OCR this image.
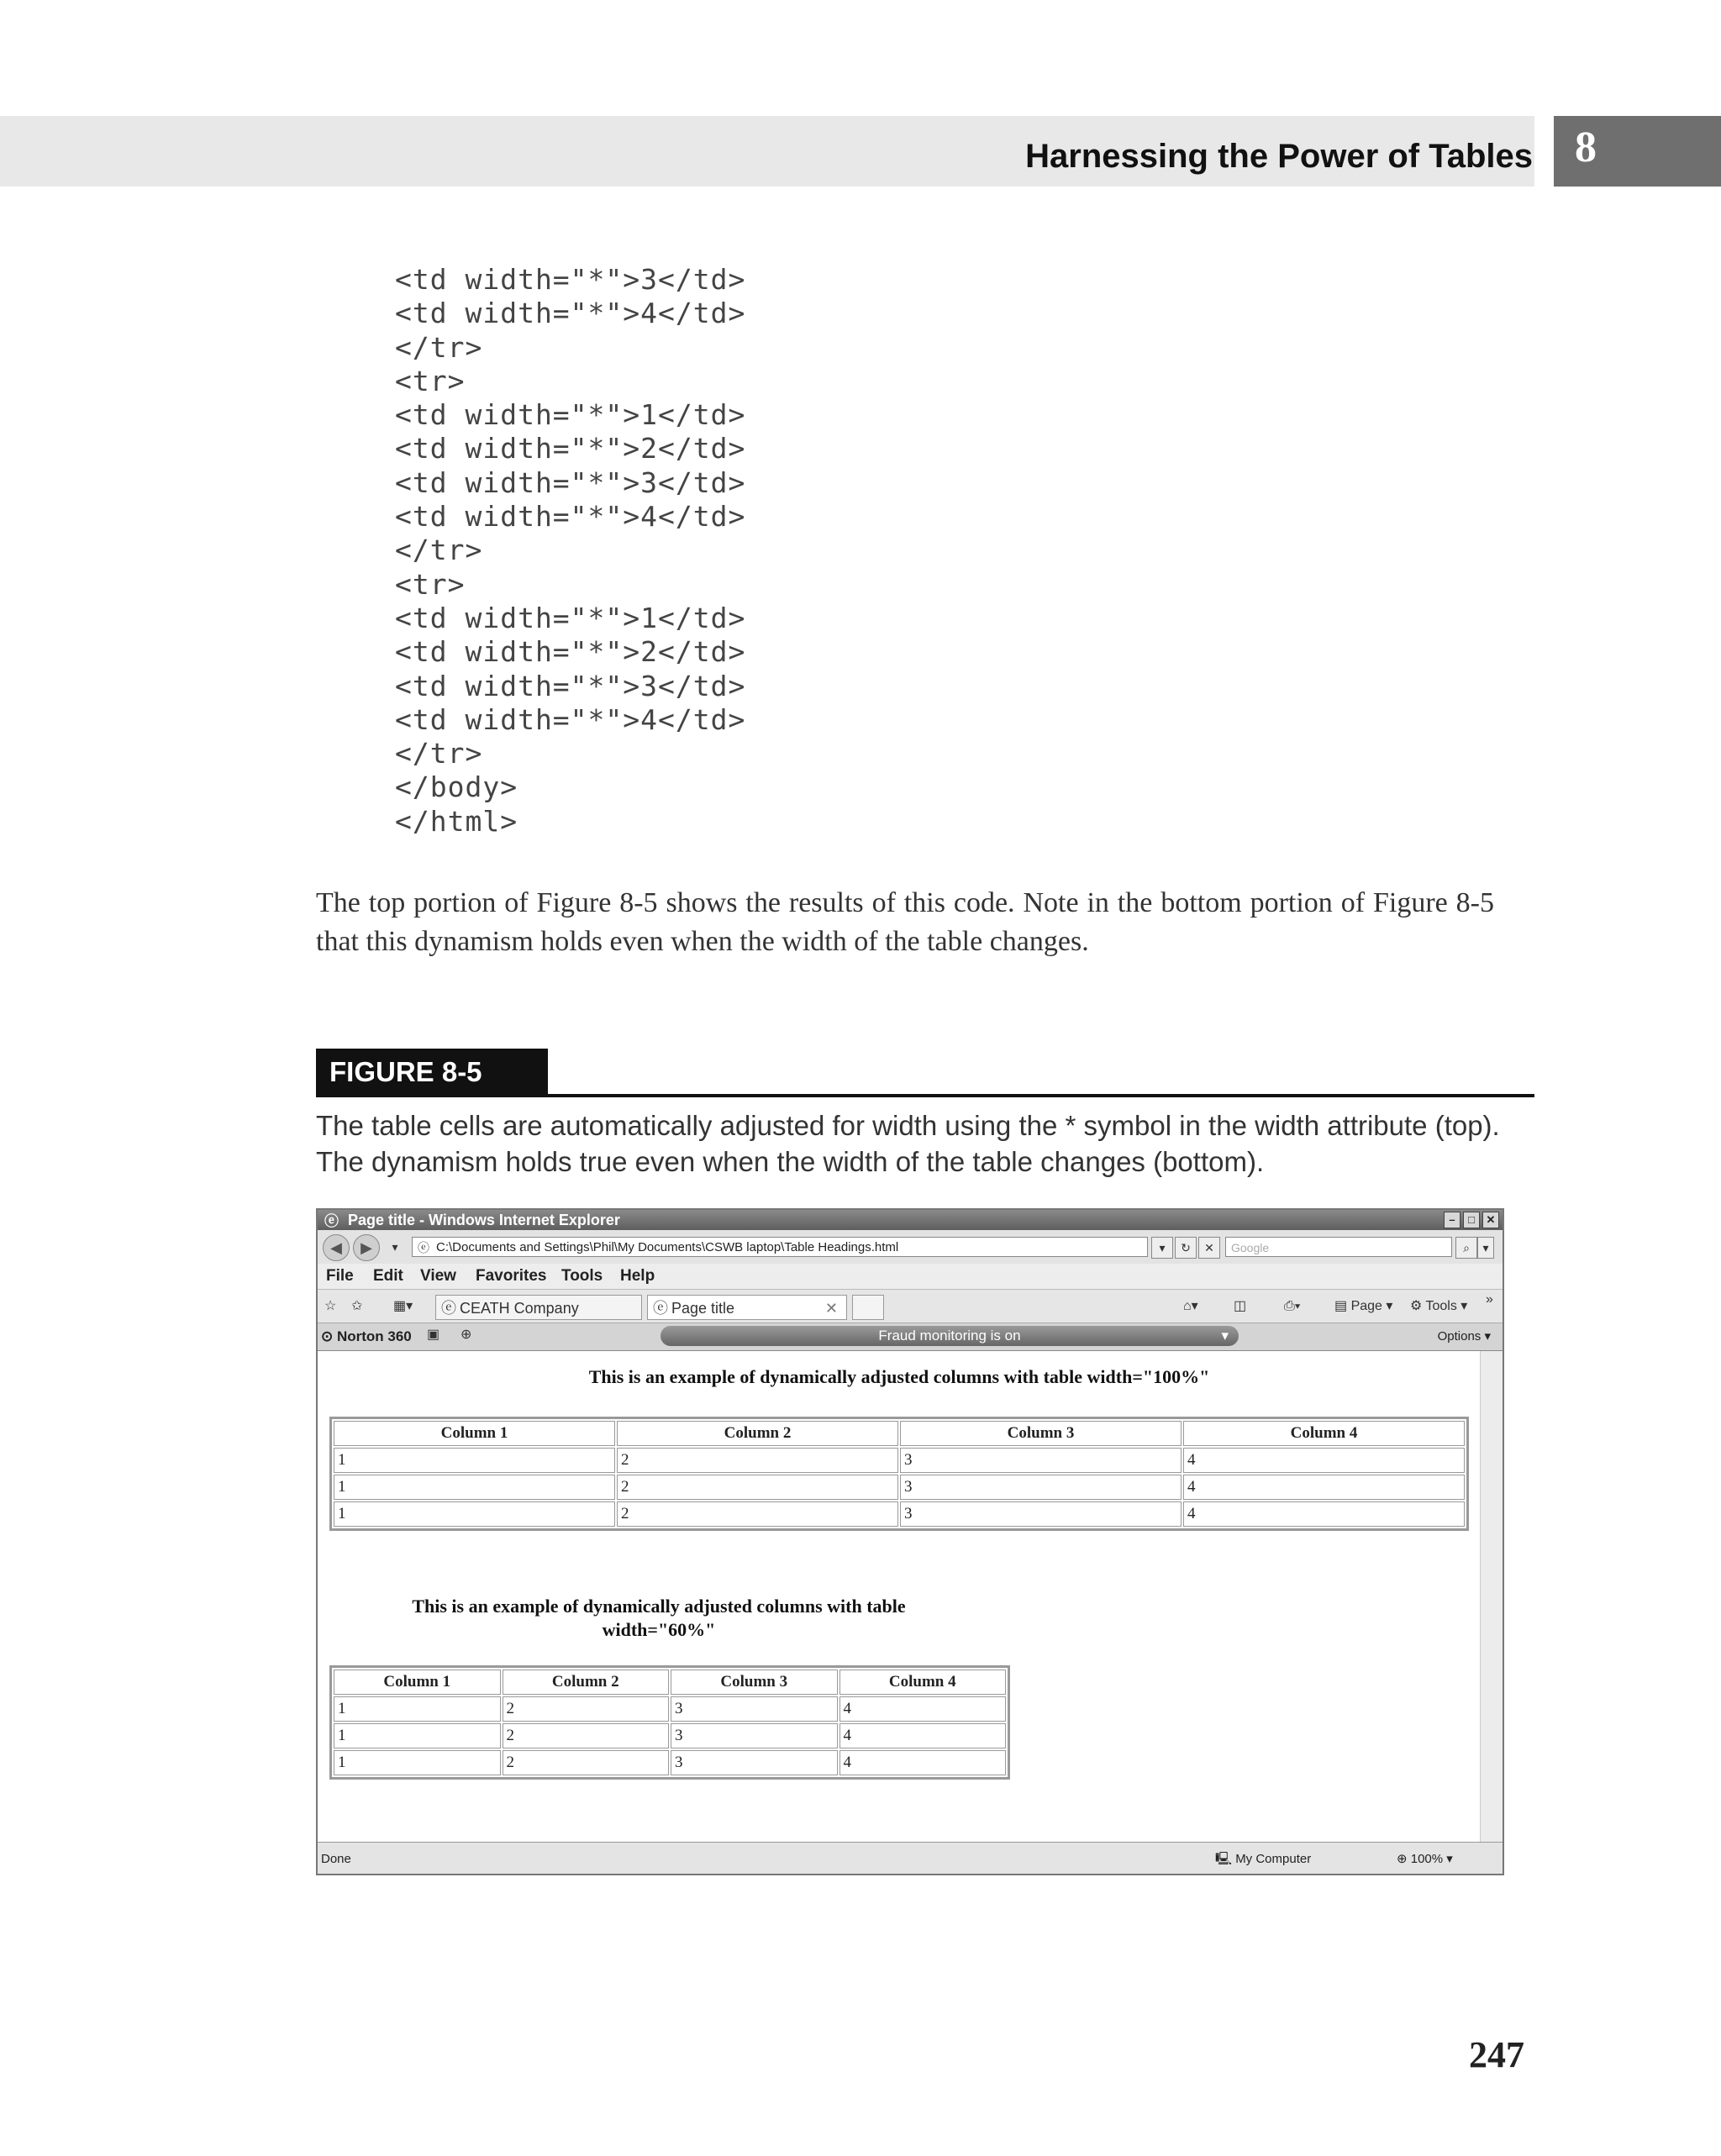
Harnessing the Power of Tables 8
<td width="*">3</td>
<td width="*">4</td>
</tr>
<tr>
<td width="*">1</td>
<td width="*">2</td>
<td width="*">3</td>
<td width="*">4</td>
</tr>
<tr>
<td width="*">1</td>
<td width="*">2</td>
<td width="*">3</td>
<td width="*">4</td>
</tr>
</body>
</html>
The top portion of Figure 8-5 shows the results of this code. Note in the bottom portion of Figure 8-5 that this dynamism holds even when the width of the table changes.
FIGURE 8-5
The table cells are automatically adjusted for width using the * symbol in the width attribute (top). The dynamism holds true even when the width of the table changes (bottom).
ⓔ Page title - Windows Internet Explorer	–	□	✕
◀	▶	▾	ⓔ C:\Documents and Settings\Phil\My Documents\CSWB laptop\Table Headings.html	▾	↻	✕	Google	⌕	▾
File Edit View Favorites Tools Help
☆ ✩ ▦▾ ⓔ CEATH Company	ⓔ Page title	✕	⌂▾	◫	⎙▾	▤ Page ▾ ⚙ Tools ▾ »
⊙ Norton 360 ▣ ⊕	Fraud monitoring is on	▾	Options ▾
This is an example of dynamically adjusted columns with table width="100%"
Column 1	Column 2	Column 3	Column 4
1	2	3	4
1	2	3	4
1	2	3	4
This is an example of dynamically adjusted columns with table width="60%"
Column 1	Column 2	Column 3	Column 4
1	2	3	4
1	2	3	4
1	2	3	4
Done	🖳 My Computer	⊕ 100% ▾
247
